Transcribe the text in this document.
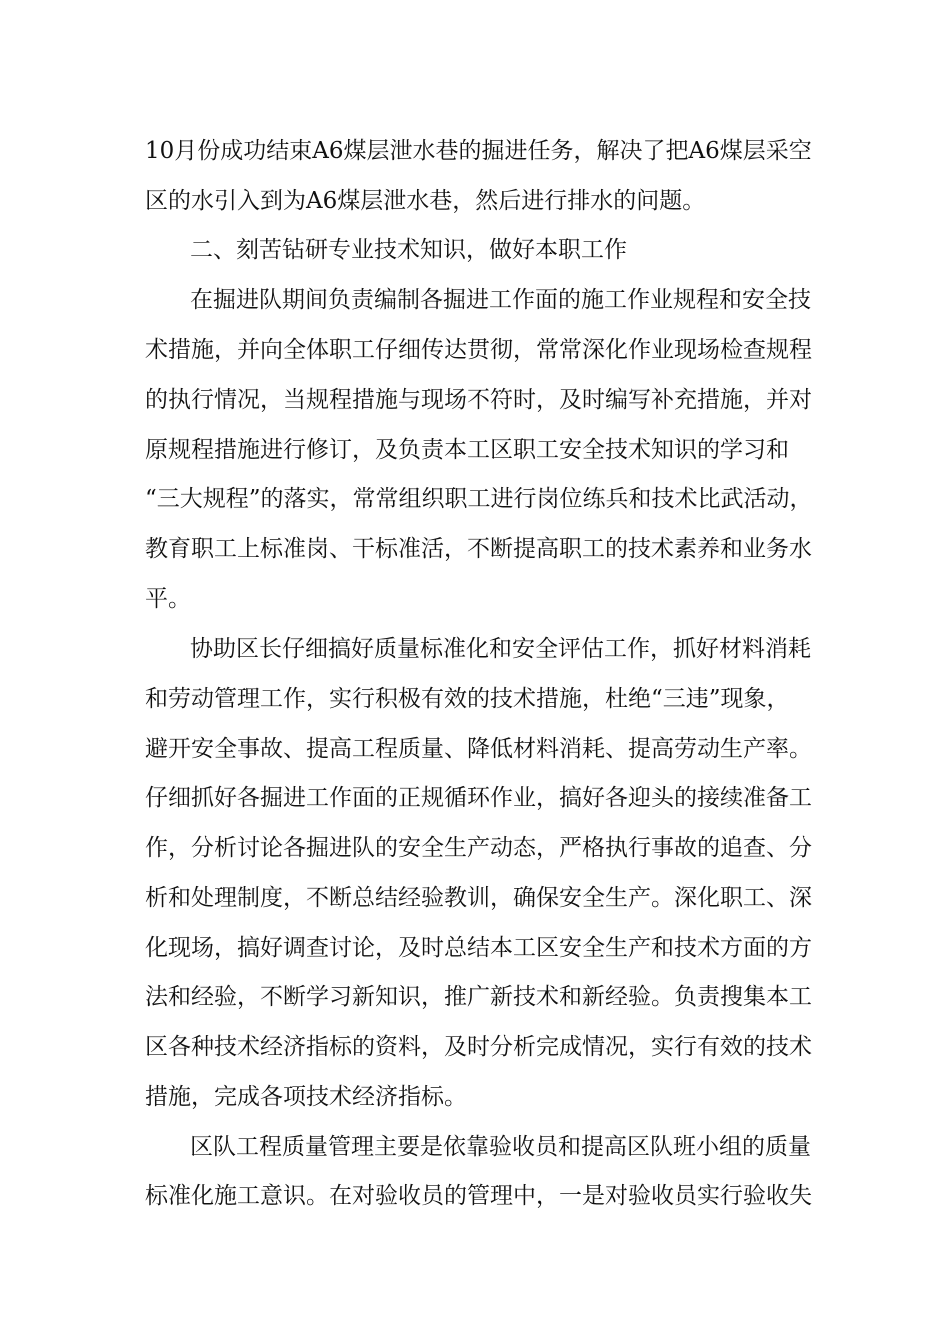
10月份成功结束A6煤层泄水巷的掘进任务，解决了把A6煤层采空
区的水引入到为A6煤层泄水巷，然后进行排水的问题。
二、刻苦钻研专业技术知识，做好本职工作
在掘进队期间负责编制各掘进工作面的施工作业规程和安全技
术措施，并向全体职工仔细传达贯彻，常常深化作业现场检查规程
的执行情况，当规程措施与现场不符时，及时编写补充措施，并对
原规程措施进行修订，及负责本工区职工安全技术知识的学习和
“三大规程”的落实，常常组织职工进行岗位练兵和技术比武活动，
教育职工上标准岗、干标准活，不断提高职工的技术素养和业务水
平。
协助区长仔细搞好质量标准化和安全评估工作，抓好材料消耗
和劳动管理工作，实行积极有效的技术措施，杜绝“三违”现象，
避开安全事故、提高工程质量、降低材料消耗、提高劳动生产率。
仔细抓好各掘进工作面的正规循环作业，搞好各迎头的接续准备工
作，分析讨论各掘进队的安全生产动态，严格执行事故的追查、分
析和处理制度，不断总结经验教训，确保安全生产。深化职工、深
化现场，搞好调查讨论，及时总结本工区安全生产和技术方面的方
法和经验，不断学习新知识，推广新技术和新经验。负责搜集本工
区各种技术经济指标的资料，及时分析完成情况，实行有效的技术
措施，完成各项技术经济指标。
区队工程质量管理主要是依靠验收员和提高区队班小组的质量
标准化施工意识。在对验收员的管理中，一是对验收员实行验收失
